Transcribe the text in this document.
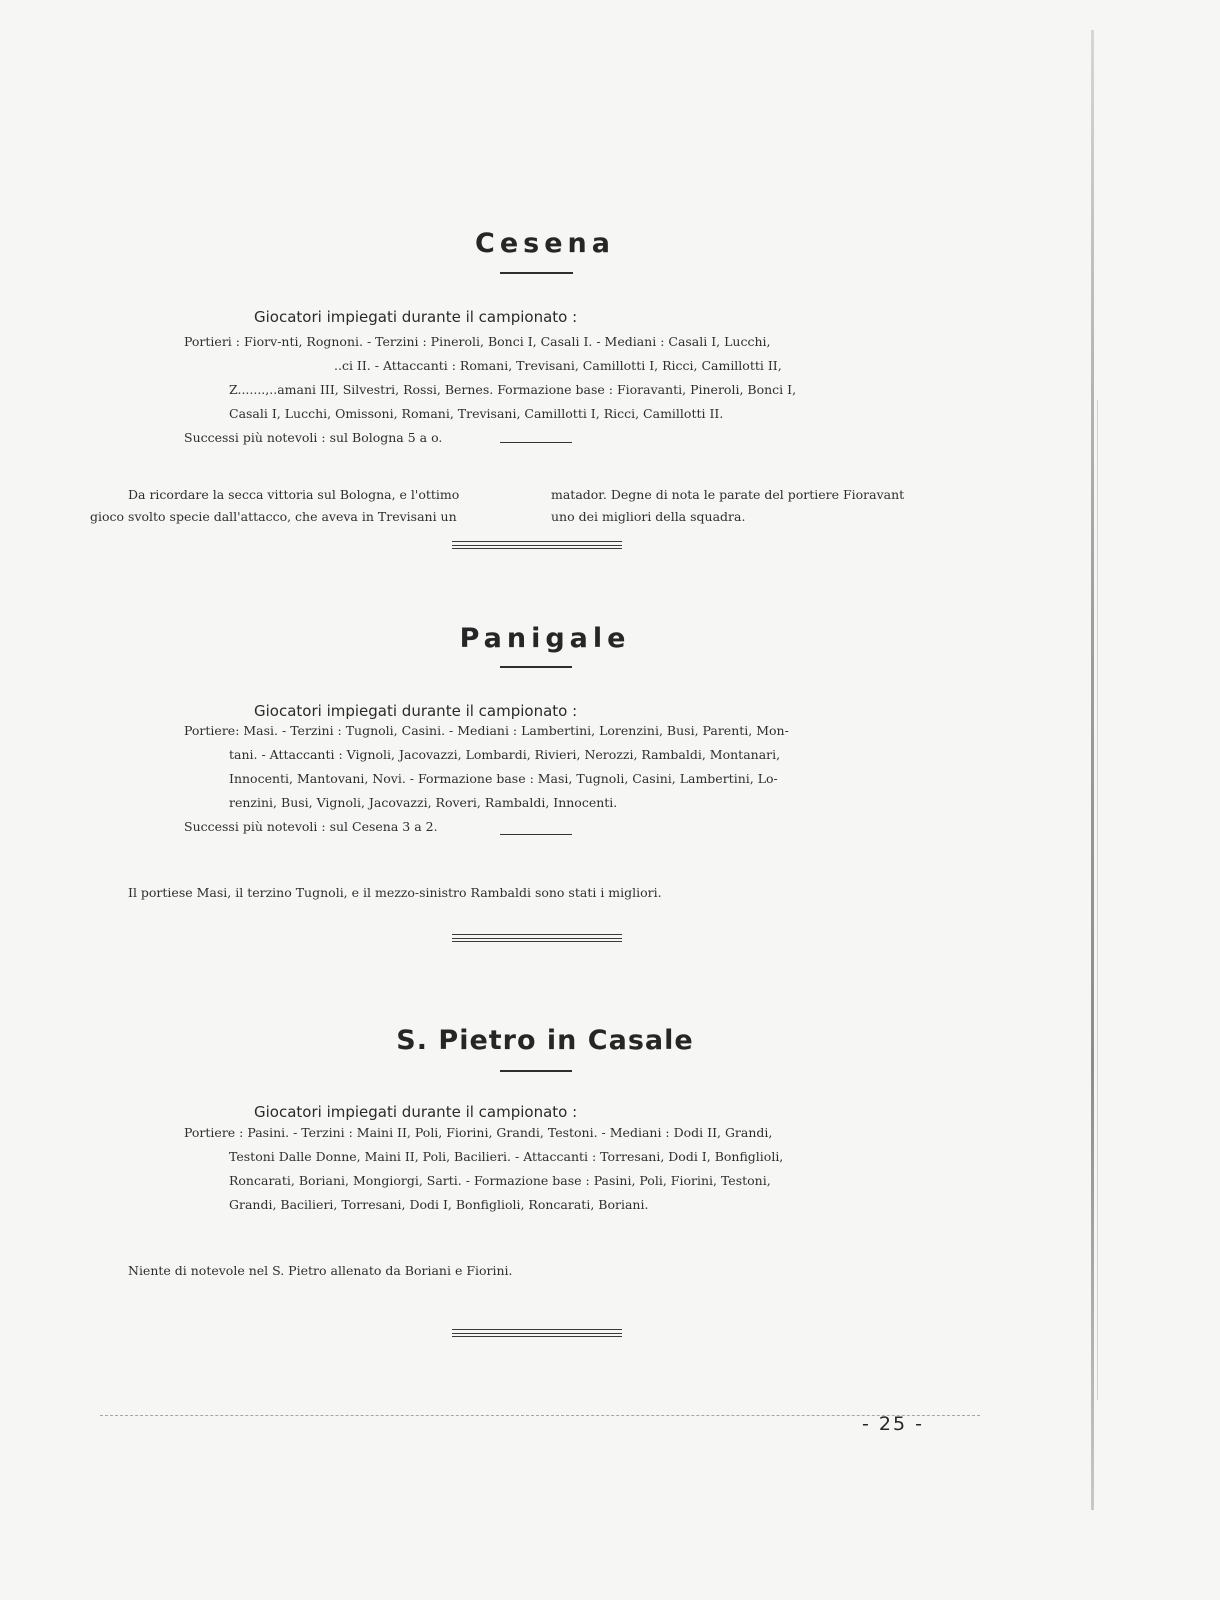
Cesena
Giocatori impiegati durante il campionato :

Portieri : Fiorv-nti, Rognoni. - Terzini : Pineroli, Bonci I, Casali I. - Mediani : Casali I, Lucchi,

..ci II. - Attaccanti : Romani, Trevisani, Camillotti I, Ricci, Camillotti II,

Z.......,..amani III, Silvestri, Rossi, Bernes. Formazione base : Fioravanti, Pineroli, Bonci I,

Casali I, Lucchi, Omissoni, Romani, Trevisani, Camillotti I, Ricci, Camillotti II.

Successi più notevoli : sul Bologna 5 a o.

Da ricordare la secca vittoria sul Bologna, e l'ottimo
gioco svolto specie dall'attacco, che aveva in Trevisani un
matador. Degne di nota le parate del portiere Fioravant
uno dei migliori della squadra.
Panigale
Giocatori impiegati durante il campionato :

Portiere: Masi. - Terzini : Tugnoli, Casini. - Mediani : Lambertini, Lorenzini, Busi, Parenti, Mon-

tani. - Attaccanti : Vignoli, Jacovazzi, Lombardi, Rivieri, Nerozzi, Rambaldi, Montanari,

Innocenti, Mantovani, Novi. - Formazione base : Masi, Tugnoli, Casini, Lambertini, Lo-

renzini, Busi, Vignoli, Jacovazzi, Roveri, Rambaldi, Innocenti.

Successi più notevoli : sul Cesena 3 a 2.

Il portiese Masi, il terzino Tugnoli, e il mezzo-sinistro Rambaldi sono stati i migliori.
S. Pietro in Casale
Giocatori impiegati durante il campionato :

Portiere : Pasini. - Terzini : Maini II, Poli, Fiorini, Grandi, Testoni. - Mediani : Dodi II, Grandi,

Testoni Dalle Donne, Maini II, Poli, Bacilieri. - Attaccanti : Torresani, Dodi I, Bonfiglioli,

Roncarati, Boriani, Mongiorgi, Sarti. - Formazione base : Pasini, Poli, Fiorini, Testoni,

Grandi, Bacilieri, Torresani, Dodi I, Bonfiglioli, Roncarati, Boriani.

Niente di notevole nel S. Pietro allenato da Boriani e Fiorini.
- 25 -
